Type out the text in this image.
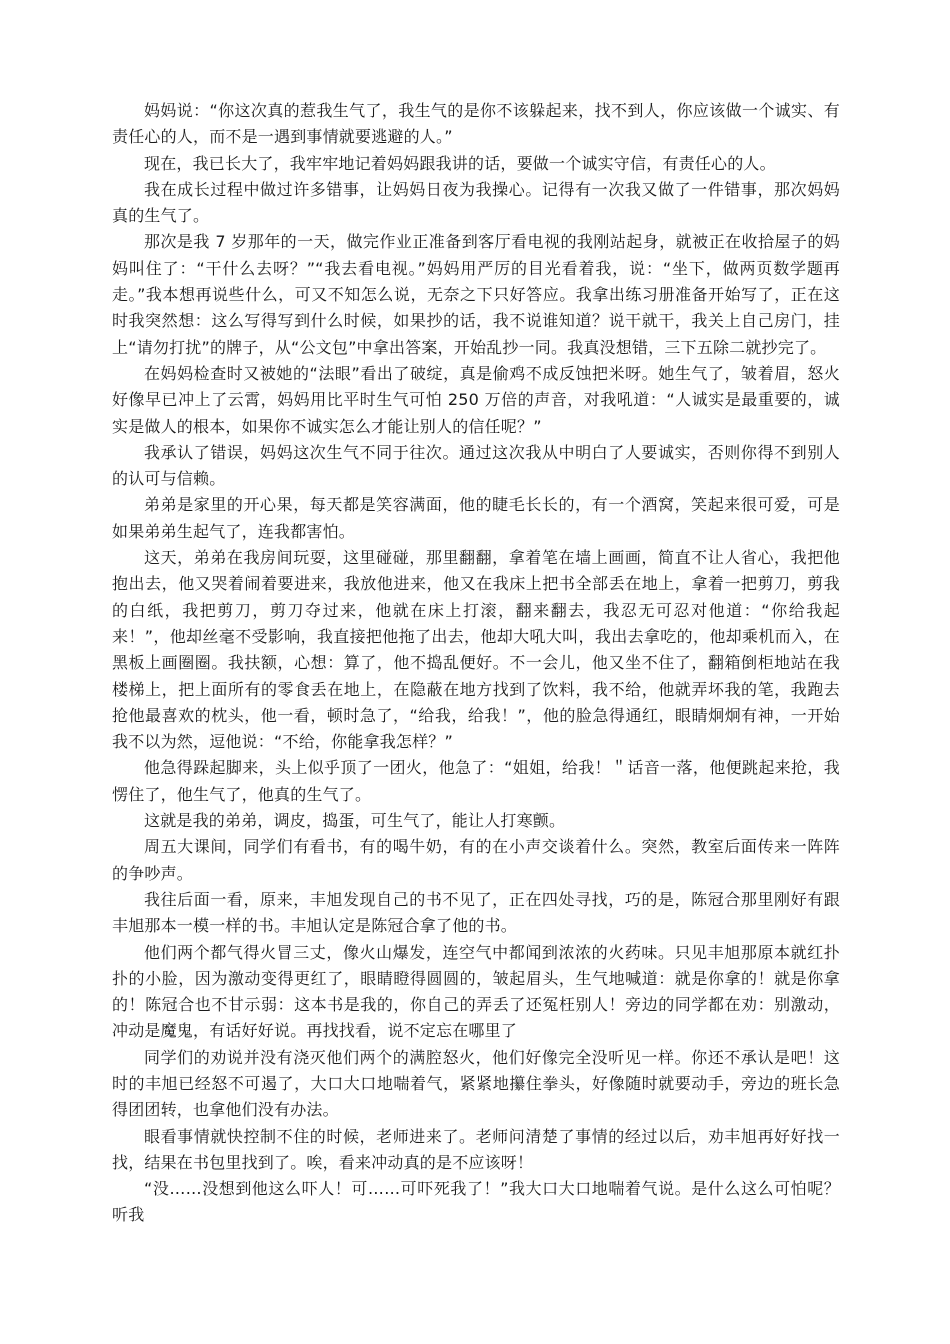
妈妈说：“你这次真的惹我生气了，我生气的是你不该躲起来，找不到人，你应该做一个诚实、有责任心的人，而不是一遇到事情就要逃避的人。”

现在，我已长大了，我牢牢地记着妈妈跟我讲的话，要做一个诚实守信，有责任心的人。

我在成长过程中做过许多错事，让妈妈日夜为我操心。记得有一次我又做了一件错事，那次妈妈真的生气了。

那次是我 7 岁那年的一天，做完作业正准备到客厅看电视的我刚站起身，就被正在收拾屋子的妈妈叫住了：“干什么去呀？”“我去看电视。”妈妈用严厉的目光看着我，说：“坐下，做两页数学题再走。”我本想再说些什么，可又不知怎么说，无奈之下只好答应。我拿出练习册准备开始写了，正在这时我突然想：这么写得写到什么时候，如果抄的话，我不说谁知道？说干就干，我关上自己房门，挂上“请勿打扰”的牌子，从“公文包”中拿出答案，开始乱抄一同。我真没想错，三下五除二就抄完了。

在妈妈检查时又被她的“法眼”看出了破绽，真是偷鸡不成反蚀把米呀。她生气了，皱着眉，怒火好像早已冲上了云霄，妈妈用比平时生气可怕 250 万倍的声音，对我吼道：“人诚实是最重要的，诚实是做人的根本，如果你不诚实怎么才能让别人的信任呢？”

我承认了错误，妈妈这次生气不同于往次。通过这次我从中明白了人要诚实，否则你得不到别人的认可与信赖。

弟弟是家里的开心果，每天都是笑容满面，他的睫毛长长的，有一个酒窝，笑起来很可爱，可是如果弟弟生起气了，连我都害怕。

这天，弟弟在我房间玩耍，这里碰碰，那里翻翻，拿着笔在墙上画画，简直不让人省心，我把他抱出去，他又哭着闹着要进来，我放他进来，他又在我床上把书全部丢在地上，拿着一把剪刀，剪我的白纸，我把剪刀，剪刀夺过来，他就在床上打滚，翻来翻去，我忍无可忍对他道：“你给我起来！”，他却丝毫不受影响，我直接把他拖了出去，他却大吼大叫，我出去拿吃的，他却乘机而入，在黑板上画圈圈。我扶额，心想：算了，他不捣乱便好。不一会儿，他又坐不住了，翻箱倒柜地站在我楼梯上，把上面所有的零食丢在地上，在隐蔽在地方找到了饮料，我不给，他就弄坏我的笔，我跑去抢他最喜欢的枕头，他一看，顿时急了，“给我，给我！”，他的脸急得通红，眼睛炯炯有神，一开始我不以为然，逗他说：“不给，你能拿我怎样？”

他急得跺起脚来，头上似乎顶了一团火，他急了：“姐姐，给我！＂话音一落，他便跳起来抢，我愣住了，他生气了，他真的生气了。

这就是我的弟弟，调皮，捣蛋，可生气了，能让人打寒颤。

周五大课间，同学们有看书，有的喝牛奶，有的在小声交谈着什么。突然，教室后面传来一阵阵的争吵声。

我往后面一看，原来，丰旭发现自己的书不见了，正在四处寻找，巧的是，陈冠合那里刚好有跟丰旭那本一模一样的书。丰旭认定是陈冠合拿了他的书。

他们两个都气得火冒三丈，像火山爆发，连空气中都闻到浓浓的火药味。只见丰旭那原本就红扑扑的小脸，因为激动变得更红了，眼睛瞪得圆圆的，皱起眉头，生气地喊道：就是你拿的！就是你拿的！陈冠合也不甘示弱：这本书是我的，你自己的弄丢了还冤枉别人！旁边的同学都在劝：别激动，冲动是魔鬼，有话好好说。再找找看，说不定忘在哪里了

同学们的劝说并没有浇灭他们两个的满腔怒火，他们好像完全没听见一样。你还不承认是吧！这时的丰旭已经怒不可遏了，大口大口地喘着气，紧紧地攥住拳头，好像随时就要动手，旁边的班长急得团团转，也拿他们没有办法。

眼看事情就快控制不住的时候，老师进来了。老师问清楚了事情的经过以后，劝丰旭再好好找一找，结果在书包里找到了。唉，看来冲动真的是不应该呀！

“没……没想到他这么吓人！可……可吓死我了！”我大口大口地喘着气说。是什么这么可怕呢？听我
